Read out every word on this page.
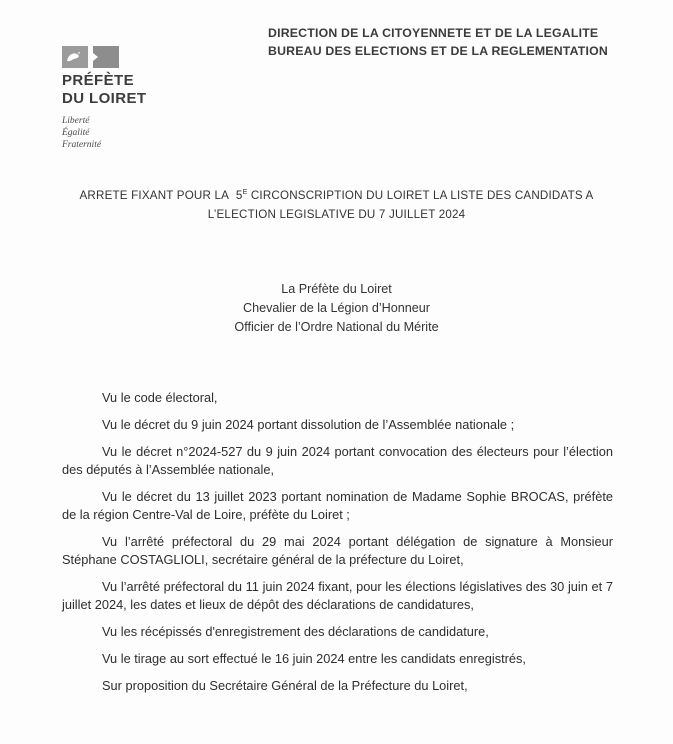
PRÉFÈTE
DU LOIRET
Liberté
Égalité
Fraternité
DIRECTION DE LA CITOYENNETE ET DE LA LEGALITE
BUREAU DES ELECTIONS ET DE LA REGLEMENTATION
ARRETE FIXANT POUR LA  $5^E$ CIRCONSCRIPTION DU LOIRET LA LISTE DES CANDIDATS A
L’ELECTION LEGISLATIVE DU 7 JUILLET 2024
La Préfète du Loiret
Chevalier de la Légion d’Honneur
Officier de l’Ordre National du Mérite

Vu le code électoral,

Vu le décret du 9 juin 2024 portant dissolution de l’Assemblée nationale ;

Vu le décret n°2024-527 du 9 juin 2024 portant convocation des électeurs pour l’élection des députés à l’Assemblée nationale,

Vu le décret du 13 juillet 2023 portant nomination de Madame Sophie BROCAS, préfète de la région Centre-Val de Loire, préfète du Loiret ;

Vu l’arrêté préfectoral du 29 mai 2024 portant délégation de signature à Monsieur Stéphane COSTAGLIOLI, secrétaire général de la préfecture du Loiret,

Vu l’arrêté préfectoral du 11 juin 2024 fixant, pour les élections législatives des 30 juin et 7 juillet 2024, les dates et lieux de dépôt des déclarations de candidatures,

Vu les récépissés d'enregistrement des déclarations de candidature,

Vu le tirage au sort effectué le 16 juin 2024 entre les candidats enregistrés,

Sur proposition du Secrétaire Général de la Préfecture du Loiret,
